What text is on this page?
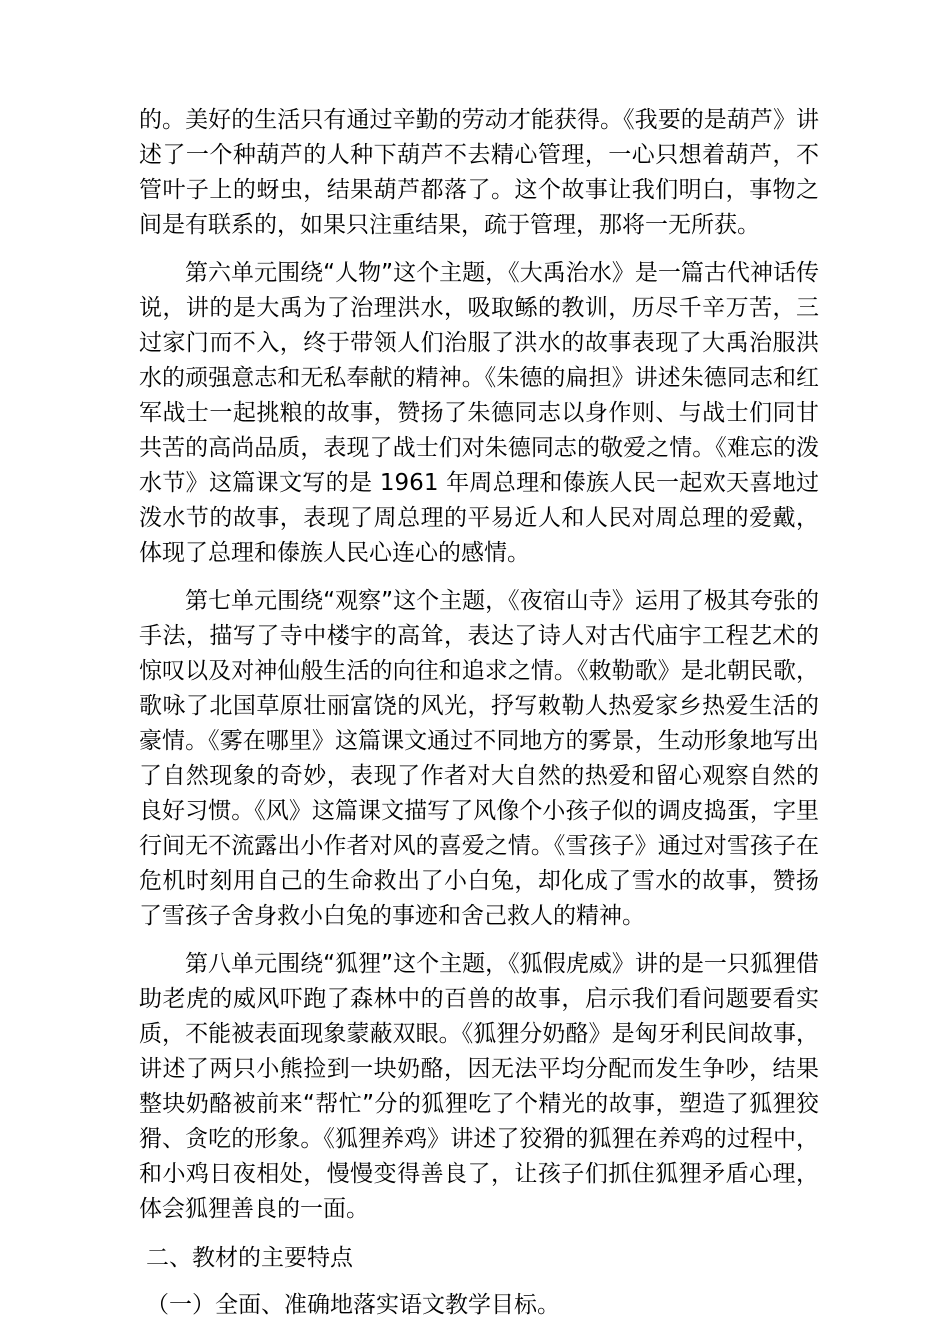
的。美好的生活只有通过辛勤的劳动才能获得。《我要的是葫芦》讲述了一个种葫芦的人种下葫芦不去精心管理，一心只想着葫芦，不管叶子上的蚜虫，结果葫芦都落了。这个故事让我们明白，事物之间是有联系的，如果只注重结果，疏于管理，那将一无所获。

第六单元围绕“人物”这个主题，《大禹治水》是一篇古代神话传说，讲的是大禹为了治理洪水，吸取鲧的教训，历尽千辛万苦，三过家门而不入，终于带领人们治服了洪水的故事表现了大禹治服洪水的顽强意志和无私奉献的精神。《朱德的扁担》讲述朱德同志和红军战士一起挑粮的故事，赞扬了朱德同志以身作则、与战士们同甘共苦的高尚品质，表现了战士们对朱德同志的敬爱之情。《难忘的泼水节》这篇课文写的是 1961 年周总理和傣族人民一起欢天喜地过泼水节的故事，表现了周总理的平易近人和人民对周总理的爱戴，体现了总理和傣族人民心连心的感情。

第七单元围绕“观察”这个主题，《夜宿山寺》运用了极其夸张的手法，描写了寺中楼宇的高耸，表达了诗人对古代庙宇工程艺术的惊叹以及对神仙般生活的向往和追求之情。《敕勒歌》是北朝民歌，歌咏了北国草原壮丽富饶的风光，抒写敕勒人热爱家乡热爱生活的豪情。《雾在哪里》这篇课文通过不同地方的雾景，生动形象地写出了自然现象的奇妙，表现了作者对大自然的热爱和留心观察自然的良好习惯。《风》这篇课文描写了风像个小孩子似的调皮捣蛋，字里行间无不流露出小作者对风的喜爱之情。《雪孩子》通过对雪孩子在危机时刻用自己的生命救出了小白兔，却化成了雪水的故事，赞扬了雪孩子舍身救小白兔的事迹和舍己救人的精神。

第八单元围绕“狐狸”这个主题，《狐假虎威》讲的是一只狐狸借助老虎的威风吓跑了森林中的百兽的故事，启示我们看问题要看实质，不能被表面现象蒙蔽双眼。《狐狸分奶酪》是匈牙利民间故事，讲述了两只小熊捡到一块奶酪，因无法平均分配而发生争吵，结果整块奶酪被前来“帮忙”分的狐狸吃了个精光的故事，塑造了狐狸狡猾、贪吃的形象。《狐狸养鸡》讲述了狡猾的狐狸在养鸡的过程中，和小鸡日夜相处，慢慢变得善良了，让孩子们抓住狐狸矛盾心理，体会狐狸善良的一面。

二、教材的主要特点

（一）全面、准确地落实语文教学目标。
